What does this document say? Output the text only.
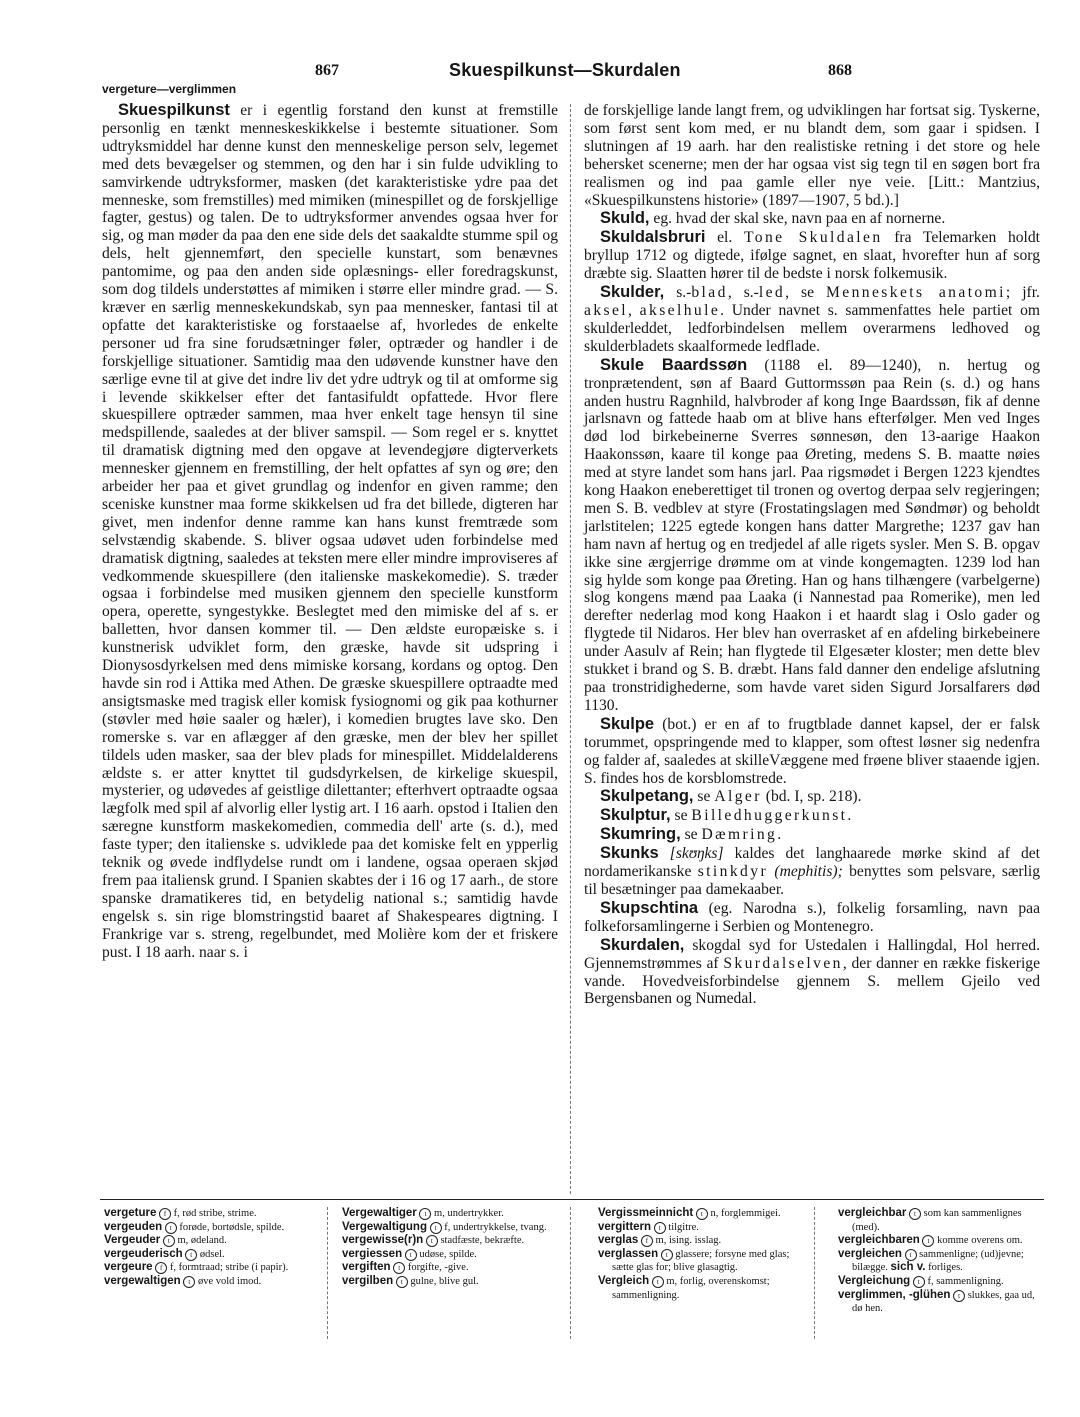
867	Skuespilkunst—Skurdalen	868
vergeture—verglimmen

Skuespilkunst er i egentlig forstand den kunst at fremstille personlig en tænkt menneskeskikkelse i bestemte situationer. Som udtryksmiddel har denne kunst den menneskelige person selv, legemet med dets bevægelser og stemmen, og den har i sin fulde udvikling to samvirkende udtryksformer, masken (det karakteristiske ydre paa det menneske, som fremstilles) med mimiken (minespillet og de forskjellige fagter, gestus) og talen. De to udtryksformer anvendes ogsaa hver for sig, og man møder da paa den ene side dels det saakaldte stumme spil og dels, helt gjennemført, den specielle kunstart, som benævnes pantomime, og paa den anden side oplæsnings- eller foredragskunst, som dog tildels understøttes af mimiken i større eller mindre grad. — S. kræver en særlig menneskekundskab, syn paa mennesker, fantasi til at opfatte det karakteristiske og forstaaelse af, hvorledes de enkelte personer ud fra sine forudsætninger føler, optræder og handler i de forskjellige situationer. Samtidig maa den udøvende kunstner have den særlige evne til at give det indre liv det ydre udtryk og til at omforme sig i levende skikkelser efter det fantasifuldt opfattede. Hvor flere skuespillere optræder sammen, maa hver enkelt tage hensyn til sine medspillende, saaledes at der bliver samspil. — Som regel er s. knyttet til dramatisk digtning med den opgave at levendegjøre digterverkets mennesker gjennem en fremstilling, der helt opfattes af syn og øre; den arbeider her paa et givet grundlag og indenfor en given ramme; den sceniske kunstner maa forme skikkelsen ud fra det billede, digteren har givet, men indenfor denne ramme kan hans kunst fremtræde som selvstændig skabende. S. bliver ogsaa udøvet uden forbindelse med dramatisk digtning, saaledes at teksten mere eller mindre improviseres af vedkommende skuespillere (den italienske maskekomedie). S. træder ogsaa i forbindelse med musiken gjennem den specielle kunstform opera, operette, syngestykke. Beslegtet med den mimiske del af s. er balletten, hvor dansen kommer til. — Den ældste europæiske s. i kunstnerisk udviklet form, den græske, havde sit udspring i Dionysosdyrkelsen med dens mimiske korsang, kordans og optog. Den havde sin rod i Attika med Athen. De græske skuespillere optraadte med ansigtsmaske med tragisk eller komisk fysiognomi og gik paa kothurner (støvler med høie saaler og hæler), i komedien brugtes lave sko. Den romerske s. var en aflægger af den græske, men der blev her spillet tildels uden masker, saa der blev plads for minespillet. Middelalderens ældste s. er atter knyttet til gudsdyrkelsen, de kirkelige skuespil, mysterier, og udøvedes af geistlige dilettanter; efterhvert optraadte ogsaa lægfolk med spil af alvorlig eller lystig art. I 16 aarh. opstod i Italien den særegne kunstform maskekomedien, commedia dell' arte (s. d.), med faste typer; den italienske s. udviklede paa det komiske felt en ypperlig teknik og øvede indflydelse rundt om i landene, ogsaa operaen skjød frem paa italiensk grund. I Spanien skabtes der i 16 og 17 aarh., de store spanske dramatikeres tid, en betydelig national s.; samtidig havde engelsk s. sin rige blomstringstid baaret af Shakespeares digtning. I Frankrige var s. streng, regelbundet, med Molière kom der et friskere pust. I 18 aarh. naar s. i

de forskjellige lande langt frem, og udviklingen har fortsat sig. Tyskerne, som først sent kom med, er nu blandt dem, som gaar i spidsen. I slutningen af 19 aarh. har den realistiske retning i det store og hele behersket scenerne; men der har ogsaa vist sig tegn til en søgen bort fra realismen og ind paa gamle eller nye veie. [Litt.: Mantzius, «Skuespilkunstens historie» (1897—1907, 5 bd.).]

Skuld, eg. hvad der skal ske, navn paa en af nornerne.

Skuldalsbruri el. Tone Skuldalen fra Telemarken holdt bryllup 1712 og digtede, ifølge sagnet, en slaat, hvorefter hun af sorg dræbte sig. Slaatten hører til de bedste i norsk folkemusik.

Skulder, s.-blad, s.-led, se Menneskets anatomi; jfr. aksel, akselhule. Under navnet s. sammenfattes hele partiet om skulderleddet, ledforbindelsen mellem overarmens ledhoved og skulderbladets skaalformede ledflade.

Skule Baardssøn (1188 el. 89—1240), n. hertug og tronprætendent, søn af Baard Guttormssøn paa Rein (s. d.) og hans anden hustru Ragnhild, halvbroder af kong Inge Baardssøn, fik af denne jarlsnavn og fattede haab om at blive hans efterfølger. Men ved Inges død lod birkebeinerne Sverres sønnesøn, den 13-aarige Haakon Haakonssøn, kaare til konge paa Øreting, medens S. B. maatte nøies med at styre landet som hans jarl. Paa rigsmødet i Bergen 1223 kjendtes kong Haakon eneberettiget til tronen og overtog derpaa selv regjeringen; men S. B. vedblev at styre (Frostatingslagen med Søndmør) og beholdt jarlstitelen; 1225 egtede kongen hans datter Margrethe; 1237 gav han ham navn af hertug og en tredjedel af alle rigets sysler. Men S. B. opgav ikke sine ærgjerrige drømme om at vinde kongemagten. 1239 lod han sig hylde som konge paa Øreting. Han og hans tilhængere (varbelgerne) slog kongens mænd paa Laaka (i Nannestad paa Romerike), men led derefter nederlag mod kong Haakon i et haardt slag i Oslo gader og flygtede til Nidaros. Her blev han overrasket af en afdeling birkebeinere under Aasulv af Rein; han flygtede til Elgesæter kloster; men dette blev stukket i brand og S. B. dræbt. Hans fald danner den endelige afslutning paa tronstridighederne, som havde varet siden Sigurd Jorsalfarers død 1130.

Skulpe (bot.) er en af to frugtblade dannet kapsel, der er falsk torummet, opspringende med to klapper, som oftest løsner sig nedenfra og falder af, saaledes at skilleVæggene med frøene bliver staaende igjen. S. findes hos de korsblomstrede.

Skulpetang, se Alger (bd. I, sp. 218).

Skulptur, se Billedhuggerkunst.

Skumring, se Dæmring.

Skunks [skʊŋks] kaldes det langhaarede mørke skind af det nordamerikanske stinkdyr (mephitis); benyttes som pelsvare, særlig til besætninger paa damekaaber.

Skupschtina (eg. Narodna s.), folkelig forsamling, navn paa folkeforsamlingerne i Serbien og Montenegro.

Skurdalen, skogdal syd for Ustedalen i Hallingdal, Hol herred. Gjennemstrømmes af Skurdalselven, der danner en række fiskerige vande. Hovedveisforbindelse gjennem S. mellem Gjeilo ved Bergensbanen og Numedal.

vergeture f f, rød stribe, strime.
vergeuden t forøde, bortødsle, spilde.
Vergeuder t m, ødeland.
vergeuderisch t ødsel.
vergeure f f, formtraad; stribe (i papir).
vergewaltigen t øve vold imod.
Vergewaltiger t m, undertrykker.
Vergewaltigung t f, undertrykkelse, tvang.
vergewisse(r)n t stadfæste, bekræfte.
vergiessen t udøse, spilde.
vergiften t forgifte, -give.
vergilben t gulne, blive gul.
Vergissmeinnicht t n, forglemmigei.
vergittern t tilgitre.
verglas f m, ising. isslag.
verglassen t glassere; forsyne med glas; sætte glas for; blive glasagtig.
Vergleich t m, forlig, overenskomst; sammenligning.
vergleichbar t som kan sammenlignes (med).
vergleichbaren t komme overens om.
vergleichen t sammenligne; (ud)jevne; bilægge. sich v. forliges.
Vergleichung t f, sammenligning.
verglimmen, -glühen t slukkes, gaa ud, dø hen.
